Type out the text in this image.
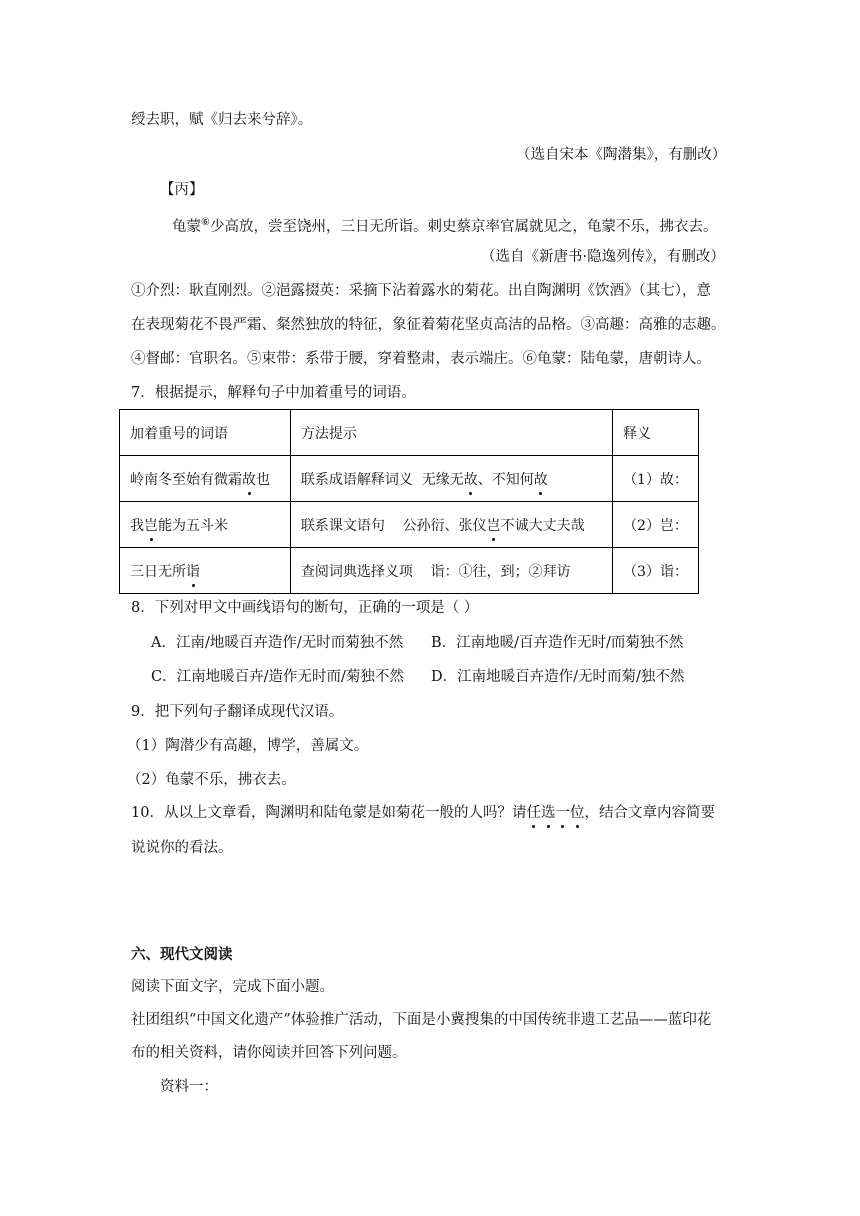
绶去职，赋《归去来兮辞》。
（选自宋本《陶潜集》，有删改）
【丙】
龟蒙⑥少高放，尝至饶州，三日无所诣。刺史蔡京率官属就见之，龟蒙不乐，拂衣去。
（选自《新唐书·隐逸列传》，有删改）
①介烈：耿直刚烈。②浥露掇英：采摘下沾着露水的菊花。出自陶渊明《饮酒》（其七），意
在表现菊花不畏严霜、粲然独放的特征，象征着菊花坚贞高洁的品格。③高趣：高雅的志趣。
④督邮：官职名。⑤束带：系带于腰，穿着整肃，表示端庄。⑥龟蒙：陆龟蒙，唐朝诗人。
7．根据提示，解释句子中加着重号的词语。
加着重号的词语	方法提示	释义
岭南冬至始有微霜故也	联系成语解释词义  无缘无故、不知何故	（1）故：
我岂能为五斗米	联系课文语句    公孙衍、张仪岂不诚大丈夫哉	（2）岂：
三日无所诣	查阅词典选择义项    诣：①往，到；②拜访	（3）诣：
8．下列对甲文中画线语句的断句，正确的一项是（ ）
A．江南/地暖百卉造作/无时而菊独不然 B．江南地暖/百卉造作无时/而菊独不然
C．江南地暖百卉/造作无时而/菊独不然 D．江南地暖百卉造作/无时而菊/独不然
9．把下列句子翻译成现代汉语。
（1）陶潜少有高趣，博学，善属文。
（2）龟蒙不乐，拂衣去。
10．从以上文章看，陶渊明和陆龟蒙是如菊花一般的人吗？请任选一位，结合文章内容简要
说说你的看法。
六、现代文阅读
阅读下面文字，完成下面小题。
社团组织“中国文化遗产”体验推广活动，下面是小冀搜集的中国传统非遗工艺品——蓝印花
布的相关资料，请你阅读并回答下列问题。
资料一：
